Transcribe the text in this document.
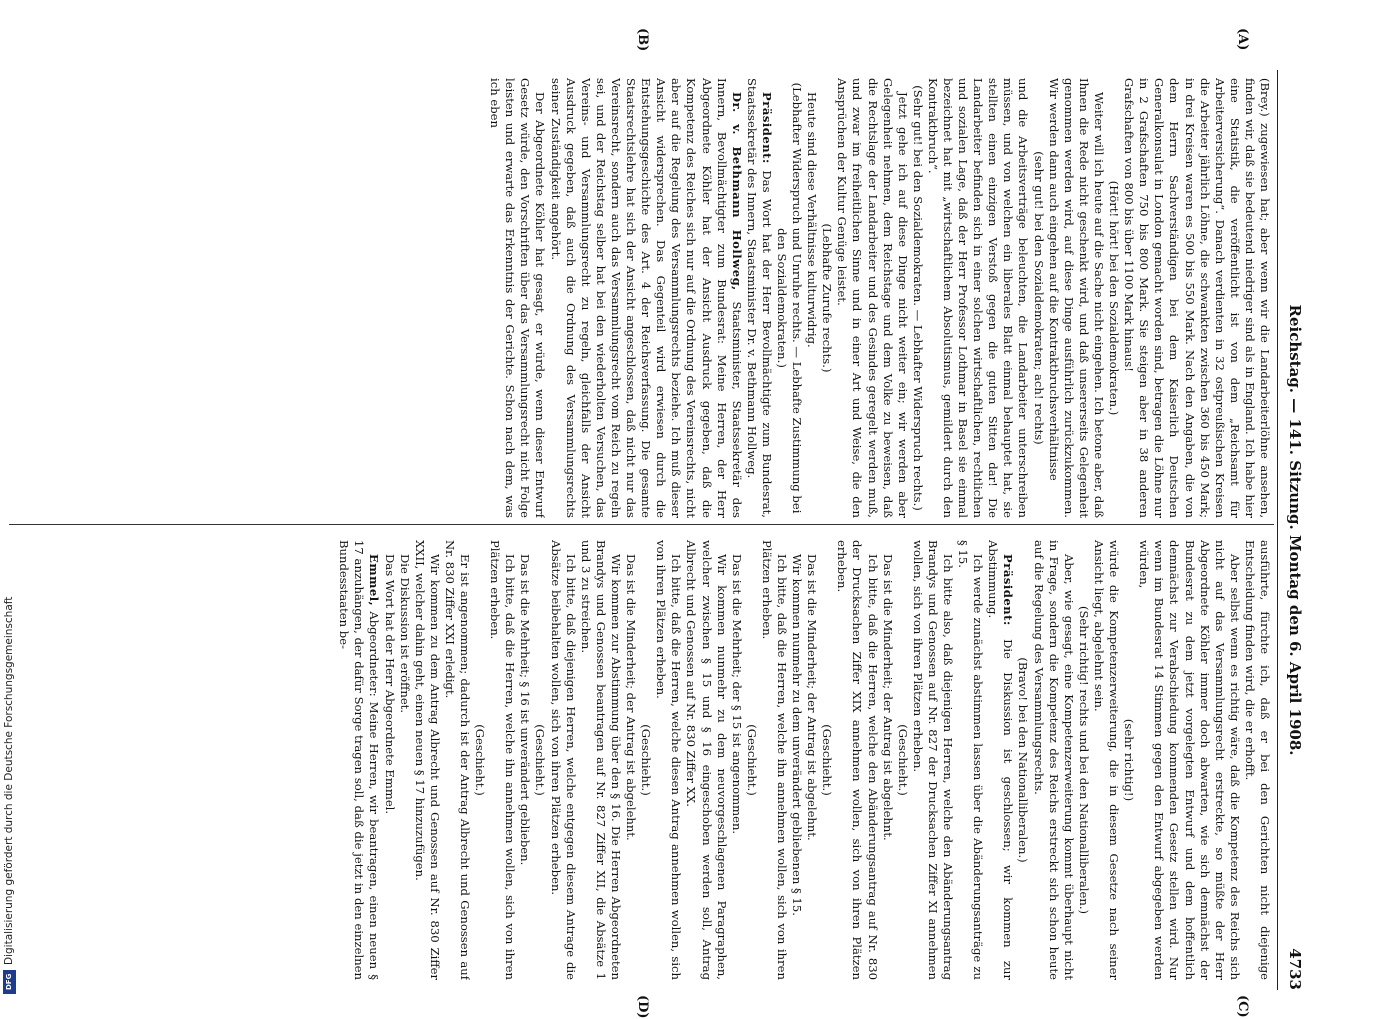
Digitalisierung gefördert durch die Deutsche Forschungsgemeinschaft
DFG
Reichstag. — 141. Sitzung. Montag den 6. April 1908.
4733
(A)
(B)
(C)
(D)

(Brey.) zugewiesen hat; aber wenn wir die Landarbeiterlöhne ansehen, finden wir, daß sie bedeutend niedriger sind als in England. Ich habe hier eine Statistik, die veröffentlicht ist von dem „Reichsamt für Arbeiterversicherung“. Danach verdienten in 32 ostpreußischen Kreisen die Arbeiter jährlich Löhne, die schwankten zwischen 360 bis 450 Mark; in drei Kreisen waren es 500 bis 550 Mark. Nach den Angaben, die von dem Herrn Sachverständigen bei dem Kaiserlich Deutschen Generalkonsulat in London gemacht worden sind, betragen die Löhne nur in 2 Grafschaften 750 bis 800 Mark. Sie steigen aber in 38 anderen Grafschaften von 800 bis über 1100 Mark hinaus!

(Hört! hört! bei den Sozialdemokraten.)

Weiter will ich heute auf die Sache nicht eingehen. Ich betone aber, daß Ihnen die Rede nicht geschenkt wird, und daß unsererseits Gelegenheit genommen werden wird, auf diese Dinge ausführlich zurückzukommen. Wir werden dann auch eingehen auf die Kontraktbruchsverhältnisse

(sehr gut! bei den Sozialdemokraten; ach! rechts)

und die Arbeitsverträge beleuchten, die Landarbeiter unterschreiben müssen, und von welchen ein liberales Blatt einmal behauptet hat, sie stellten einen einzigen Verstoß gegen die guten Sitten dar! Die Landarbeiter befinden sich in einer solchen wirtschaftlichen, rechtlichen und sozialen Lage, daß der Herr Professor Lothmar in Basel sie einmal bezeichnet hat mit „wirtschaftlichem Absolutismus, gemildert durch den Kontraktbruch“.

(Sehr gut! bei den Sozialdemokraten. — Lebhafter Widerspruch rechts.)

Jetzt gehe ich auf diese Dinge nicht weiter ein; wir werden aber Gelegenheit nehmen, dem Reichstage und dem Volke zu beweisen, daß die Rechtslage der Landarbeiter und des Gesindes geregelt werden muß, und zwar im freiheitlichen Sinne und in einer Art und Weise, die den Ansprüchen der Kultur Genüge leistet.

(Lebhafte Zurufe rechts.)

Heute sind diese Verhältnisse kulturwidrig.

(Lebhafter Widerspruch und Unruhe rechts. — Lebhafte Zustimmung bei den Sozialdemokraten.)

Präsident: Das Wort hat der Herr Bevollmächtigte zum Bundesrat, Staatssekretär des Innern, Staatsminister Dr. v. Bethmann Hollweg.

Dr. v. Bethmann Hollweg, Staatsminister, Staatssekretär des Innern, Bevollmächtigter zum Bundesrat: Meine Herren, der Herr Abgeordnete Köhler hat der Ansicht Ausdruck gegeben, daß die Kompetenz des Reiches sich nur auf die Ordnung des Vereinsrechts, nicht aber auf die Regelung des Versammlungsrechts beziehe. Ich muß dieser Ansicht widersprechen. Das Gegenteil wird erwiesen durch die Entstehungsgeschichte des Art. 4 der Reichsverfassung. Die gesamte Staatsrechtslehre hat sich der Ansicht angeschlossen, daß nicht nur das Vereinsrecht, sondern auch das Versammlungsrecht vom Reich zu regeln sei, und der Reichstag selber hat bei den wiederholten Versuchen, das Vereins- und Versammlungsrecht zu regeln, gleichfalls der Ansicht Ausdruck gegeben, daß auch die Ordnung des Versammlungsrechts seiner Zuständigkeit angehört.

Der Abgeordnete Köhler hat gesagt, er würde, wenn dieser Entwurf Gesetz würde, den Vorschriften über das Versammlungsrecht nicht Folge leisten und erwarte das Erkenntnis der Gerichte. Schon nach dem, was ich eben

ausführte, fürchte ich, daß er bei den Gerichten nicht diejenige Entscheidung finden wird, die er erhofft.

Aber selbst wenn es richtig wäre, daß die Kompetenz des Reichs sich nicht auf das Versammlungsrecht erstreckte, so müßte der Herr Abgeordnete Köhler immer doch abwarten, wie sich demnächst der Bundesrat zu dem jetzt vorgelegten Entwurf und dem hoffentlich demnächst zur Verabschiedung kommenden Gesetz stellen wird. Nur wenn im Bundesrat 14 Stimmen gegen den Entwurf abgegeben werden würden,

(sehr richtig!)

würde die Kompetenzerweiterung, die in diesem Gesetze nach seiner Ansicht liegt, abgelehnt sein.

(Sehr richtig! rechts und bei den Nationalliberalen.)

Aber, wie gesagt, eine Kompetenzerweiterung kommt überhaupt nicht in Frage, sondern die Kompetenz des Reichs erstreckt sich schon heute auf die Regelung des Versammlungsrechts.

(Bravo! bei den Nationalliberalen.)

Präsident: Die Diskussion ist geschlossen; wir kommen zur Abstimmung.

Ich werde zunächst abstimmen lassen über die Abänderungsanträge zu § 15.

Ich bitte also, daß diejenigen Herren, welche den Abänderungsantrag Brandys und Genossen auf Nr. 827 der Drucksachen Ziffer XI annehmen wollen, sich von ihren Plätzen erheben.

(Geschieht.)

Das ist die Minderheit; der Antrag ist abgelehnt.

Ich bitte, daß die Herren, welche den Abänderungsantrag auf Nr. 830 der Drucksachen Ziffer XIX annehmen wollen, sich von ihren Plätzen erheben.

(Geschieht.)

Das ist die Minderheit; der Antrag ist abgelehnt.

Wir kommen nunmehr zu dem unverändert gebliebenen § 15.

Ich bitte, daß die Herren, welche ihn annehmen wollen, sich von ihren Plätzen erheben.

(Geschieht.)

Das ist die Mehrheit; der § 15 ist angenommen.

Wir kommen nunmehr zu dem neuvorgeschlagenen Paragraphen, welcher zwischen § 15 und § 16 eingeschoben werden soll, Antrag Albrecht und Genossen auf Nr. 830 Ziffer XX.

Ich bitte, daß die Herren, welche diesen Antrag annehmen wollen, sich von ihren Plätzen erheben.

(Geschieht.)

Das ist die Minderheit; der Antrag ist abgelehnt.

Wir kommen zur Abstimmung über den § 16. Die Herren Abgeordneten Brandys und Genossen beantragen auf Nr. 827 Ziffer XII, die Absätze 1 und 3 zu streichen.

Ich bitte, daß diejenigen Herren, welche entgegen diesem Antrage die Absätze beibehalten wollen, sich von ihren Plätzen erheben.

(Geschieht.)

Das ist die Mehrheit; § 16 ist unverändert geblieben.

Ich bitte, daß die Herren, welche ihn annehmen wollen, sich von ihren Plätzen erheben.

(Geschieht.)

Er ist angenommen; dadurch ist der Antrag Albrecht und Genossen auf Nr. 830 Ziffer XXI erledigt.

Wir kommen zu dem Antrag Albrecht und Genossen auf Nr. 830 Ziffer XXII, welcher dahin geht, einen neuen § 17 hinzuzufügen.

Die Diskussion ist eröffnet.

Das Wort hat der Herr Abgeordnete Emmel.

Emmel, Abgeordneter: Meine Herren, wir beantragen, einen neuen § 17 anzuhängen, der dafür Sorge tragen soll, daß die jetzt in den einzelnen Bundesstaaten be-
